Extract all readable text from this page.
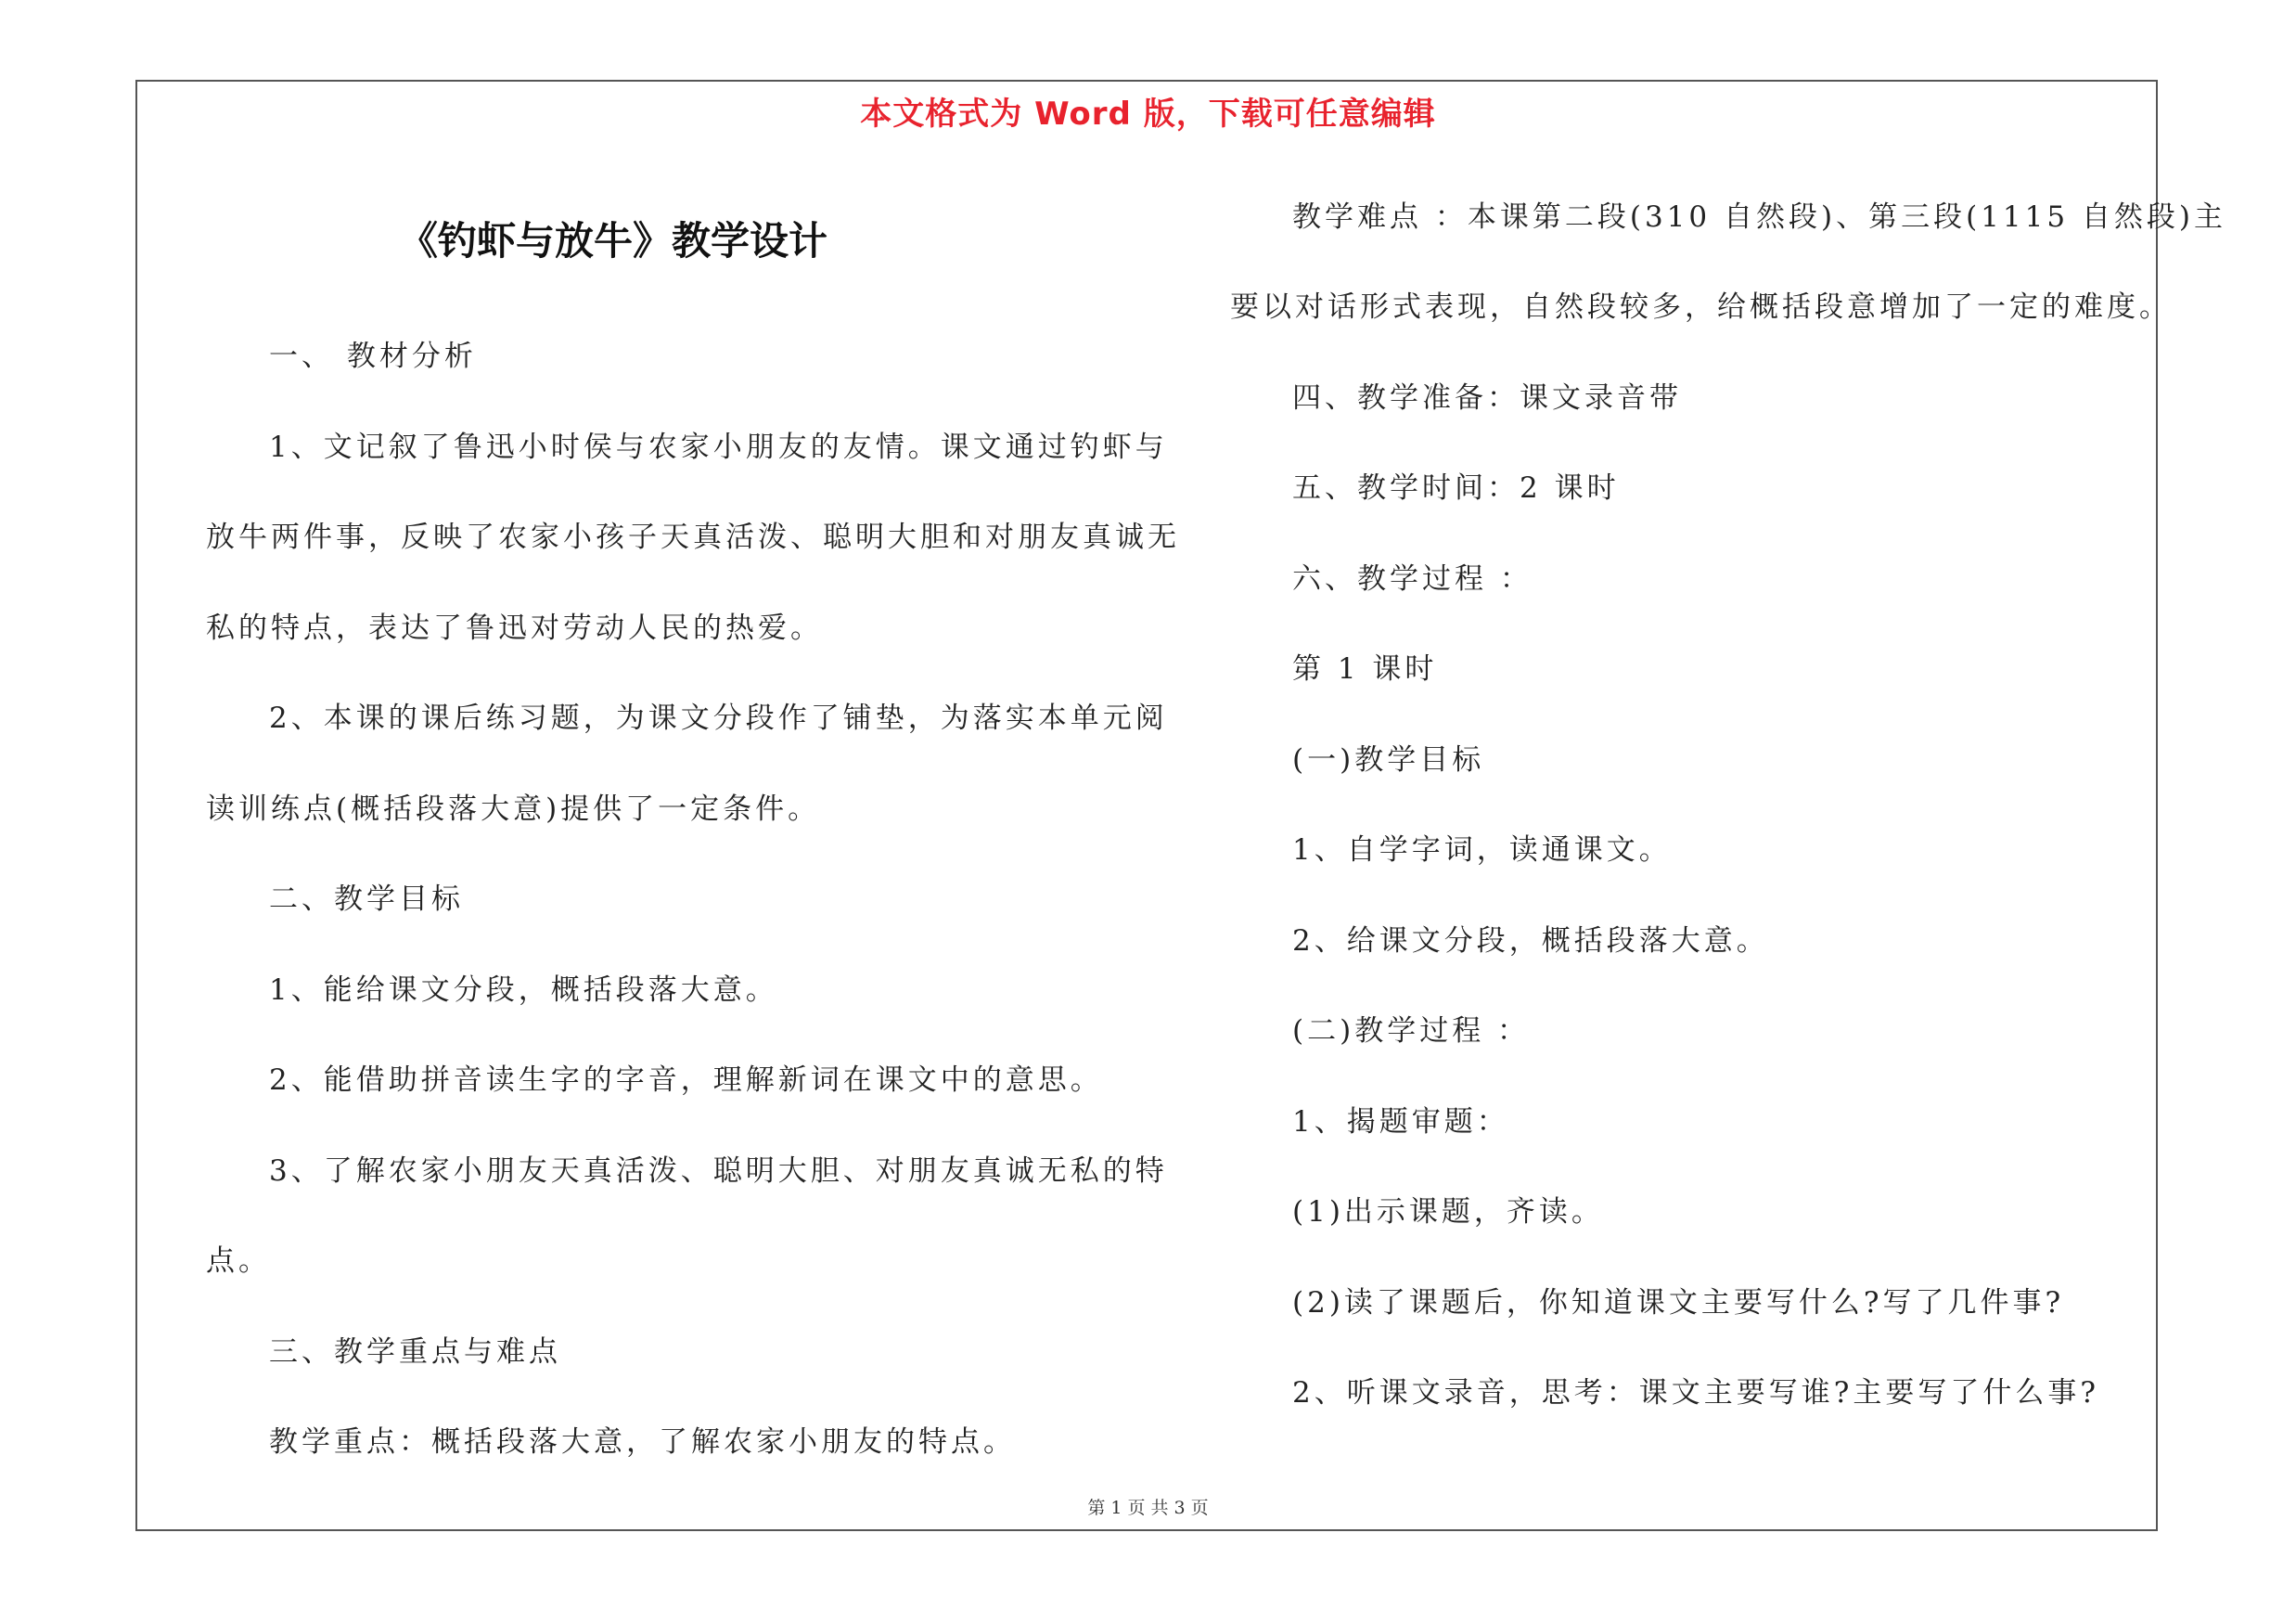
本文格式为 Word 版，下载可任意编辑
《钓虾与放牛》教学设计
一、 教材分析
1、文记叙了鲁迅小时侯与农家小朋友的友情。课文通过钓虾与
放牛两件事，反映了农家小孩子天真活泼、聪明大胆和对朋友真诚无
私的特点，表达了鲁迅对劳动人民的热爱。
2、本课的课后练习题，为课文分段作了铺垫，为落实本单元阅
读训练点(概括段落大意)提供了一定条件。
二、教学目标
1、能给课文分段，概括段落大意。
2、能借助拼音读生字的字音，理解新词在课文中的意思。
3、了解农家小朋友天真活泼、聪明大胆、对朋友真诚无私的特
点。
三、教学重点与难点
教学重点：概括段落大意，了解农家小朋友的特点。
教学难点 ：本课第二段(310 自然段)、第三段(1115 自然段)主
要以对话形式表现，自然段较多，给概括段意增加了一定的难度。
四、教学准备：课文录音带
五、教学时间：2 课时
六、教学过程 ：
第 1 课时
(一)教学目标
1、自学字词，读通课文。
2、给课文分段，概括段落大意。
(二)教学过程 ：
1、揭题审题：
(1)出示课题，齐读。
(2)读了课题后，你知道课文主要写什么?写了几件事?
2、听课文录音，思考：课文主要写谁?主要写了什么事?
第 1 页 共 3 页
